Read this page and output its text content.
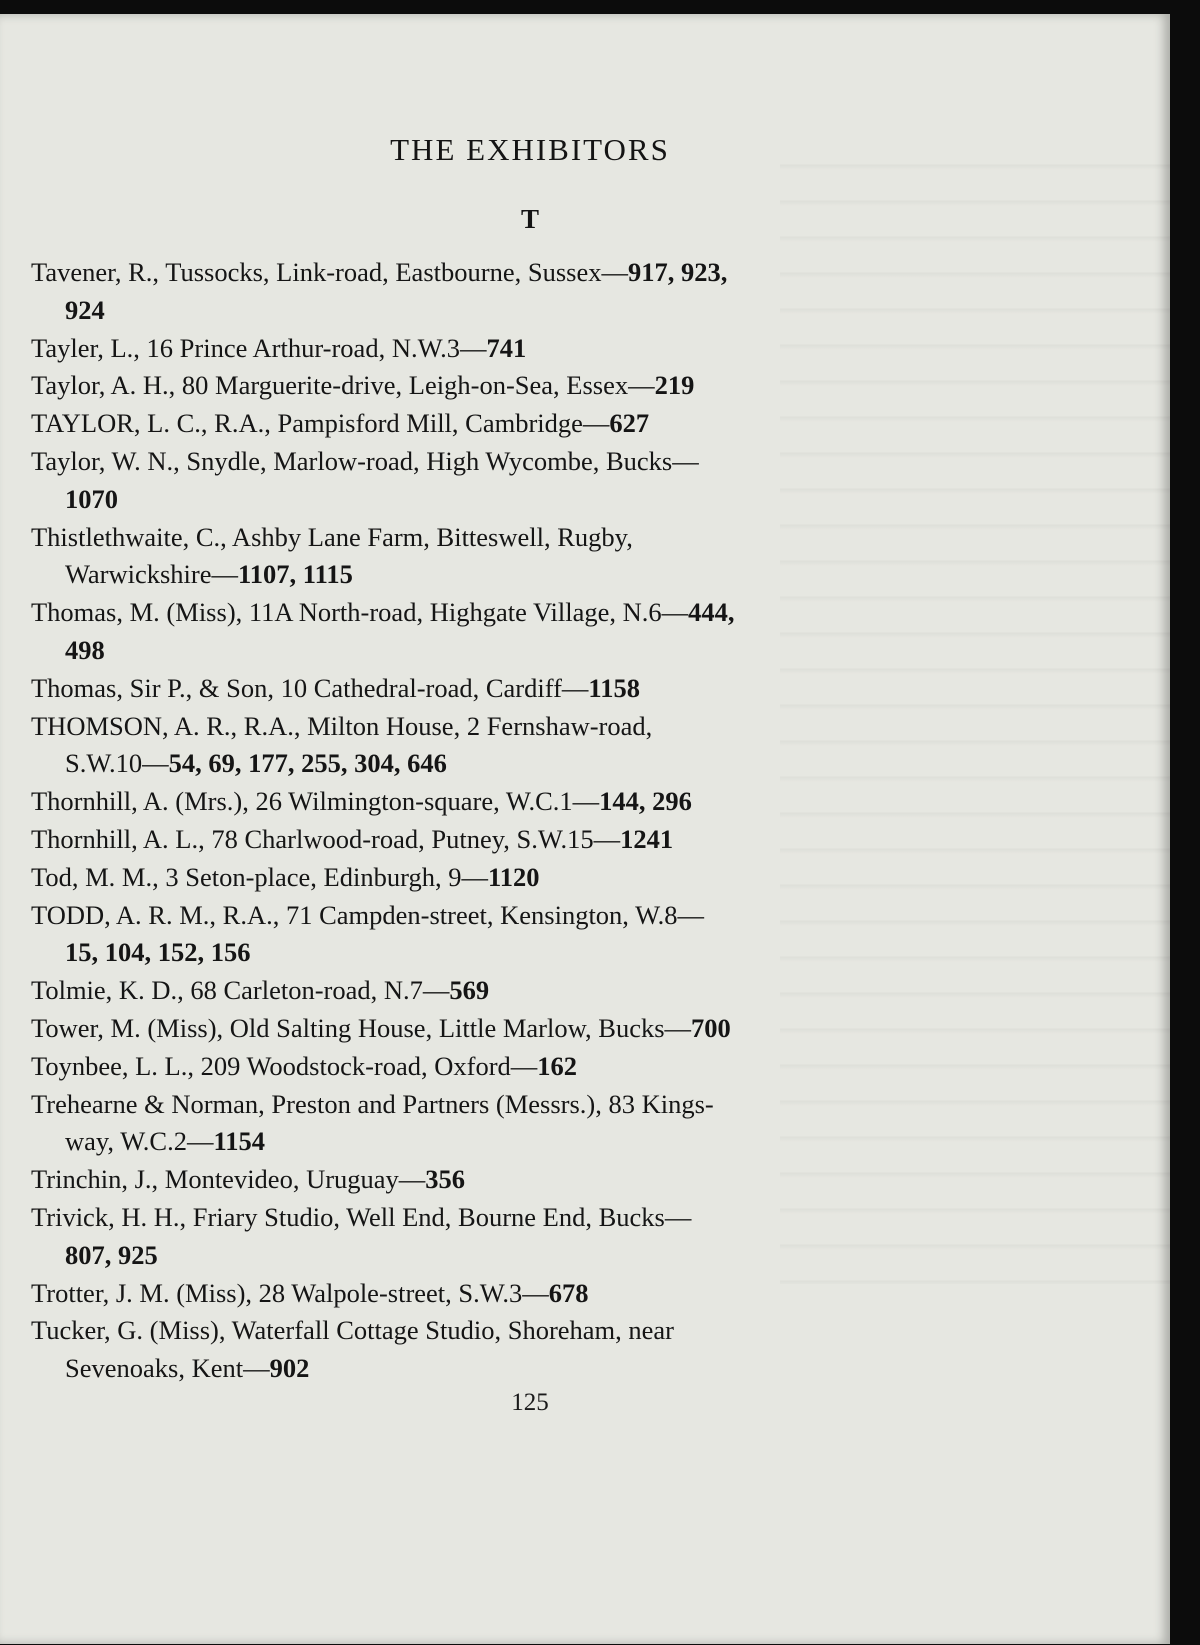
THE EXHIBITORS
T
Tavener, R., Tussocks, Link-road, Eastbourne, Sussex—917, 923,
924
Tayler, L., 16 Prince Arthur-road, N.W.3—741
Taylor, A. H., 80 Marguerite-drive, Leigh-on-Sea, Essex—219
TAYLOR, L. C., R.A., Pampisford Mill, Cambridge—627
Taylor, W. N., Snydle, Marlow-road, High Wycombe, Bucks—
1070
Thistlethwaite, C., Ashby Lane Farm, Bitteswell, Rugby,
Warwickshire—1107, 1115
Thomas, M. (Miss), 11A North-road, Highgate Village, N.6—444,
498
Thomas, Sir P., & Son, 10 Cathedral-road, Cardiff—1158
THOMSON, A. R., R.A., Milton House, 2 Fernshaw-road,
S.W.10—54, 69, 177, 255, 304, 646
Thornhill, A. (Mrs.), 26 Wilmington-square, W.C.1—144, 296
Thornhill, A. L., 78 Charlwood-road, Putney, S.W.15—1241
Tod, M. M., 3 Seton-place, Edinburgh, 9—1120
TODD, A. R. M., R.A., 71 Campden-street, Kensington, W.8—
15, 104, 152, 156
Tolmie, K. D., 68 Carleton-road, N.7—569
Tower, M. (Miss), Old Salting House, Little Marlow, Bucks—700
Toynbee, L. L., 209 Woodstock-road, Oxford—162
Trehearne & Norman, Preston and Partners (Messrs.), 83 Kings-
way, W.C.2—1154
Trinchin, J., Montevideo, Uruguay—356
Trivick, H. H., Friary Studio, Well End, Bourne End, Bucks—
807, 925
Trotter, J. M. (Miss), 28 Walpole-street, S.W.3—678
Tucker, G. (Miss), Waterfall Cottage Studio, Shoreham, near
Sevenoaks, Kent—902
125
